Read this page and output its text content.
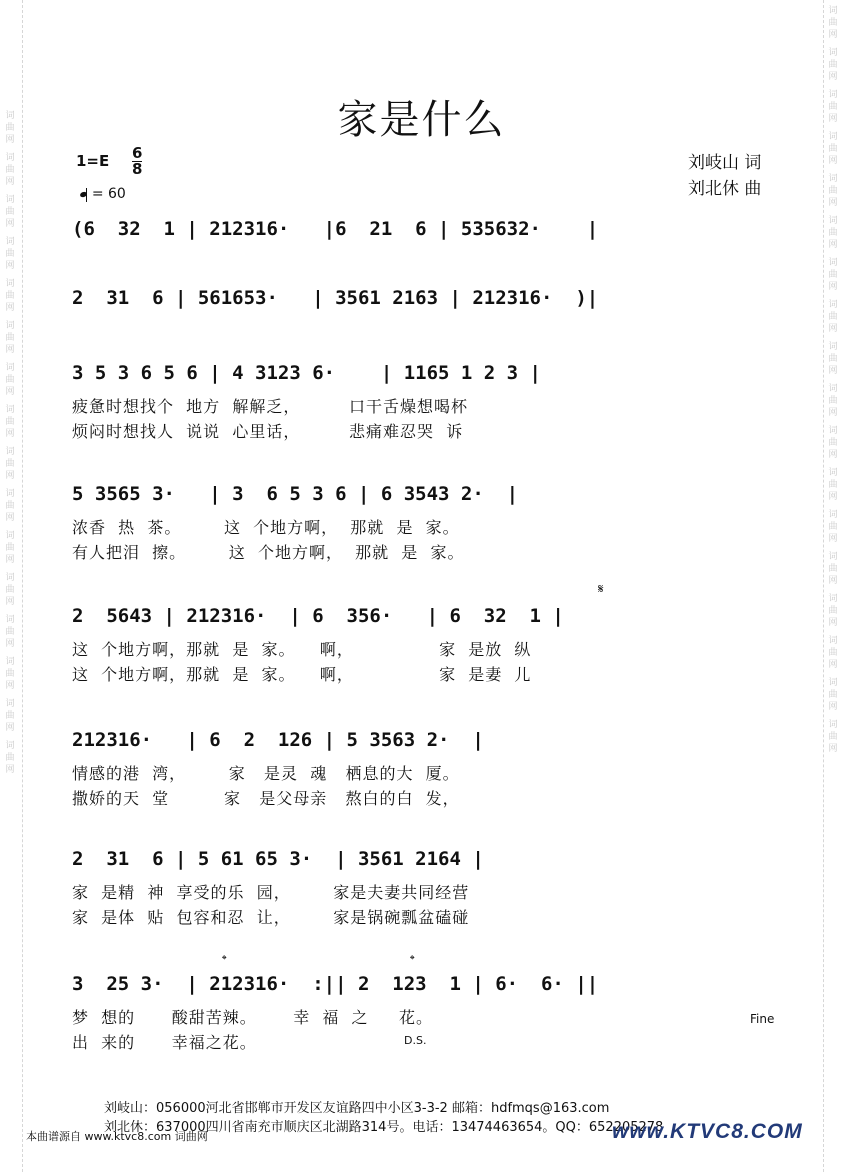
词曲网
词曲网
词曲网
词曲网
词曲网
词曲网
词曲网
词曲网
词曲网
词曲网
词曲网
词曲网
词曲网
词曲网
词曲网
词曲网
词曲网
词曲网
词曲网
词曲网
词曲网
词曲网
词曲网
词曲网
词曲网
词曲网
词曲网
词曲网
词曲网
词曲网
词曲网
词曲网
词曲网
词曲网
家是什么
$1=E \frac{6}{8}$
= 60
刘岐山 词
刘北休 曲
(6  32  1 | 212316·   |6  21  6 | 535632·    |
2  31  6 | 561653·   | 3561 2163 | 212316·  )|
3 5 3 6 5 6 | 4 3123 6·    | 1165 1 2 3 |
疲惫时想找个  地方  解解乏，        口干舌燥想喝杯
烦闷时想找人  说说  心里话，        悲痛难忍哭  诉
5 3565 3·   | 3  6 5 3 6 | 6 3543 2·  |
浓香  热  茶。       这  个地方啊，  那就  是  家。
有人把泪  擦。       这  个地方啊，  那就  是  家。
𝄋
2  5643 | 212316·  | 6  356·   | 6  32  1 |
这  个地方啊，那就  是  家。    啊，              家  是放  纵
这  个地方啊，那就  是  家。    啊，              家  是妻  儿
212316·   | 6  2  126 | 5 3563 2·  |
情感的港  湾，       家   是灵  魂   栖息的大  厦。
撒娇的天  堂         家   是父母亲   熬白的白  发，
2  31  6 | 5 61 65 3·  | 3561 2164 |
家  是精  神  享受的乐  园，       家是夫妻共同经营
家  是体  贴  包容和忍  让，       家是锅碗瓢盆磕碰
𝄌	𝄌
3  25 3·  | 212316·  :|| 2  123  1 | 6·  6· ||
梦  想的      酸甜苦辣。      幸  福  之     花。
出  来的      幸福之花。
Fine
D.S.
刘岐山：056000河北省邯郸市开发区友谊路四中小区3-3-2 邮箱：hdfmqs@163.com
刘北休：637000四川省南充市顺庆区北湖路314号。电话：13474463654。QQ：652205278
本曲谱源自 www.ktvc8.com 词曲网	www.KTVC8.COM
